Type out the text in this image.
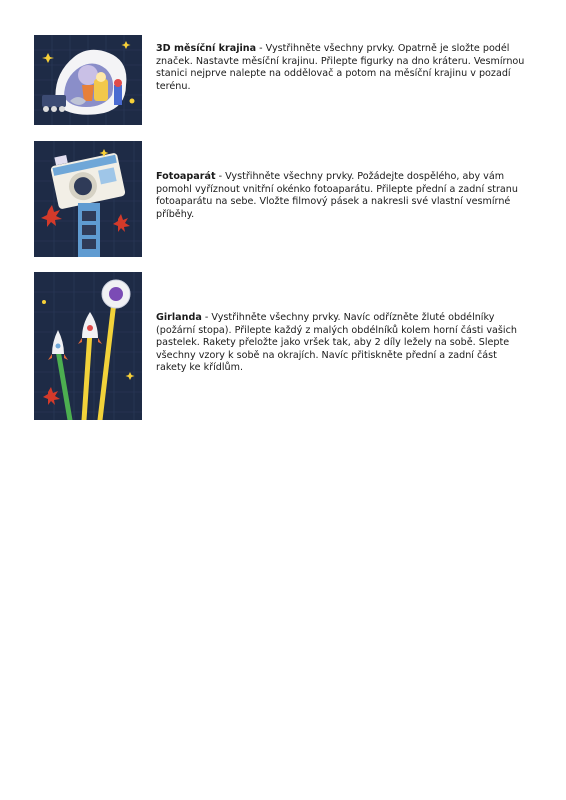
3D měsíční krajina - Vystřihněte všechny prvky. Opatrně je složte podél značek. Nastavte měsíční krajinu. Přilepte figurky na dno kráteru. Vesmírnou stanici nejprve nalepte na oddělovač a potom na měsíční krajinu v pozadí terénu.
Fotoaparát - Vystřihněte všechny prvky. Požádejte dospělého, aby vám pomohl vyříznout vnitřní okénko fotoaparátu. Přilepte přední a zadní stranu fotoaparátu na sebe. Vložte filmový pásek a nakresli své vlastní vesmírné příběhy.
Girlanda - Vystřihněte všechny prvky. Navíc odřízněte žluté obdélníky (požární stopa). Přilepte každý z malých obdélníků kolem horní části vašich pastelek. Rakety přeložte jako vršek tak, aby 2 díly ležely na sobě. Slepte všechny vzory k sobě na okrajích. Navíc přitiskněte přední a zadní část rakety ke křídlům.
